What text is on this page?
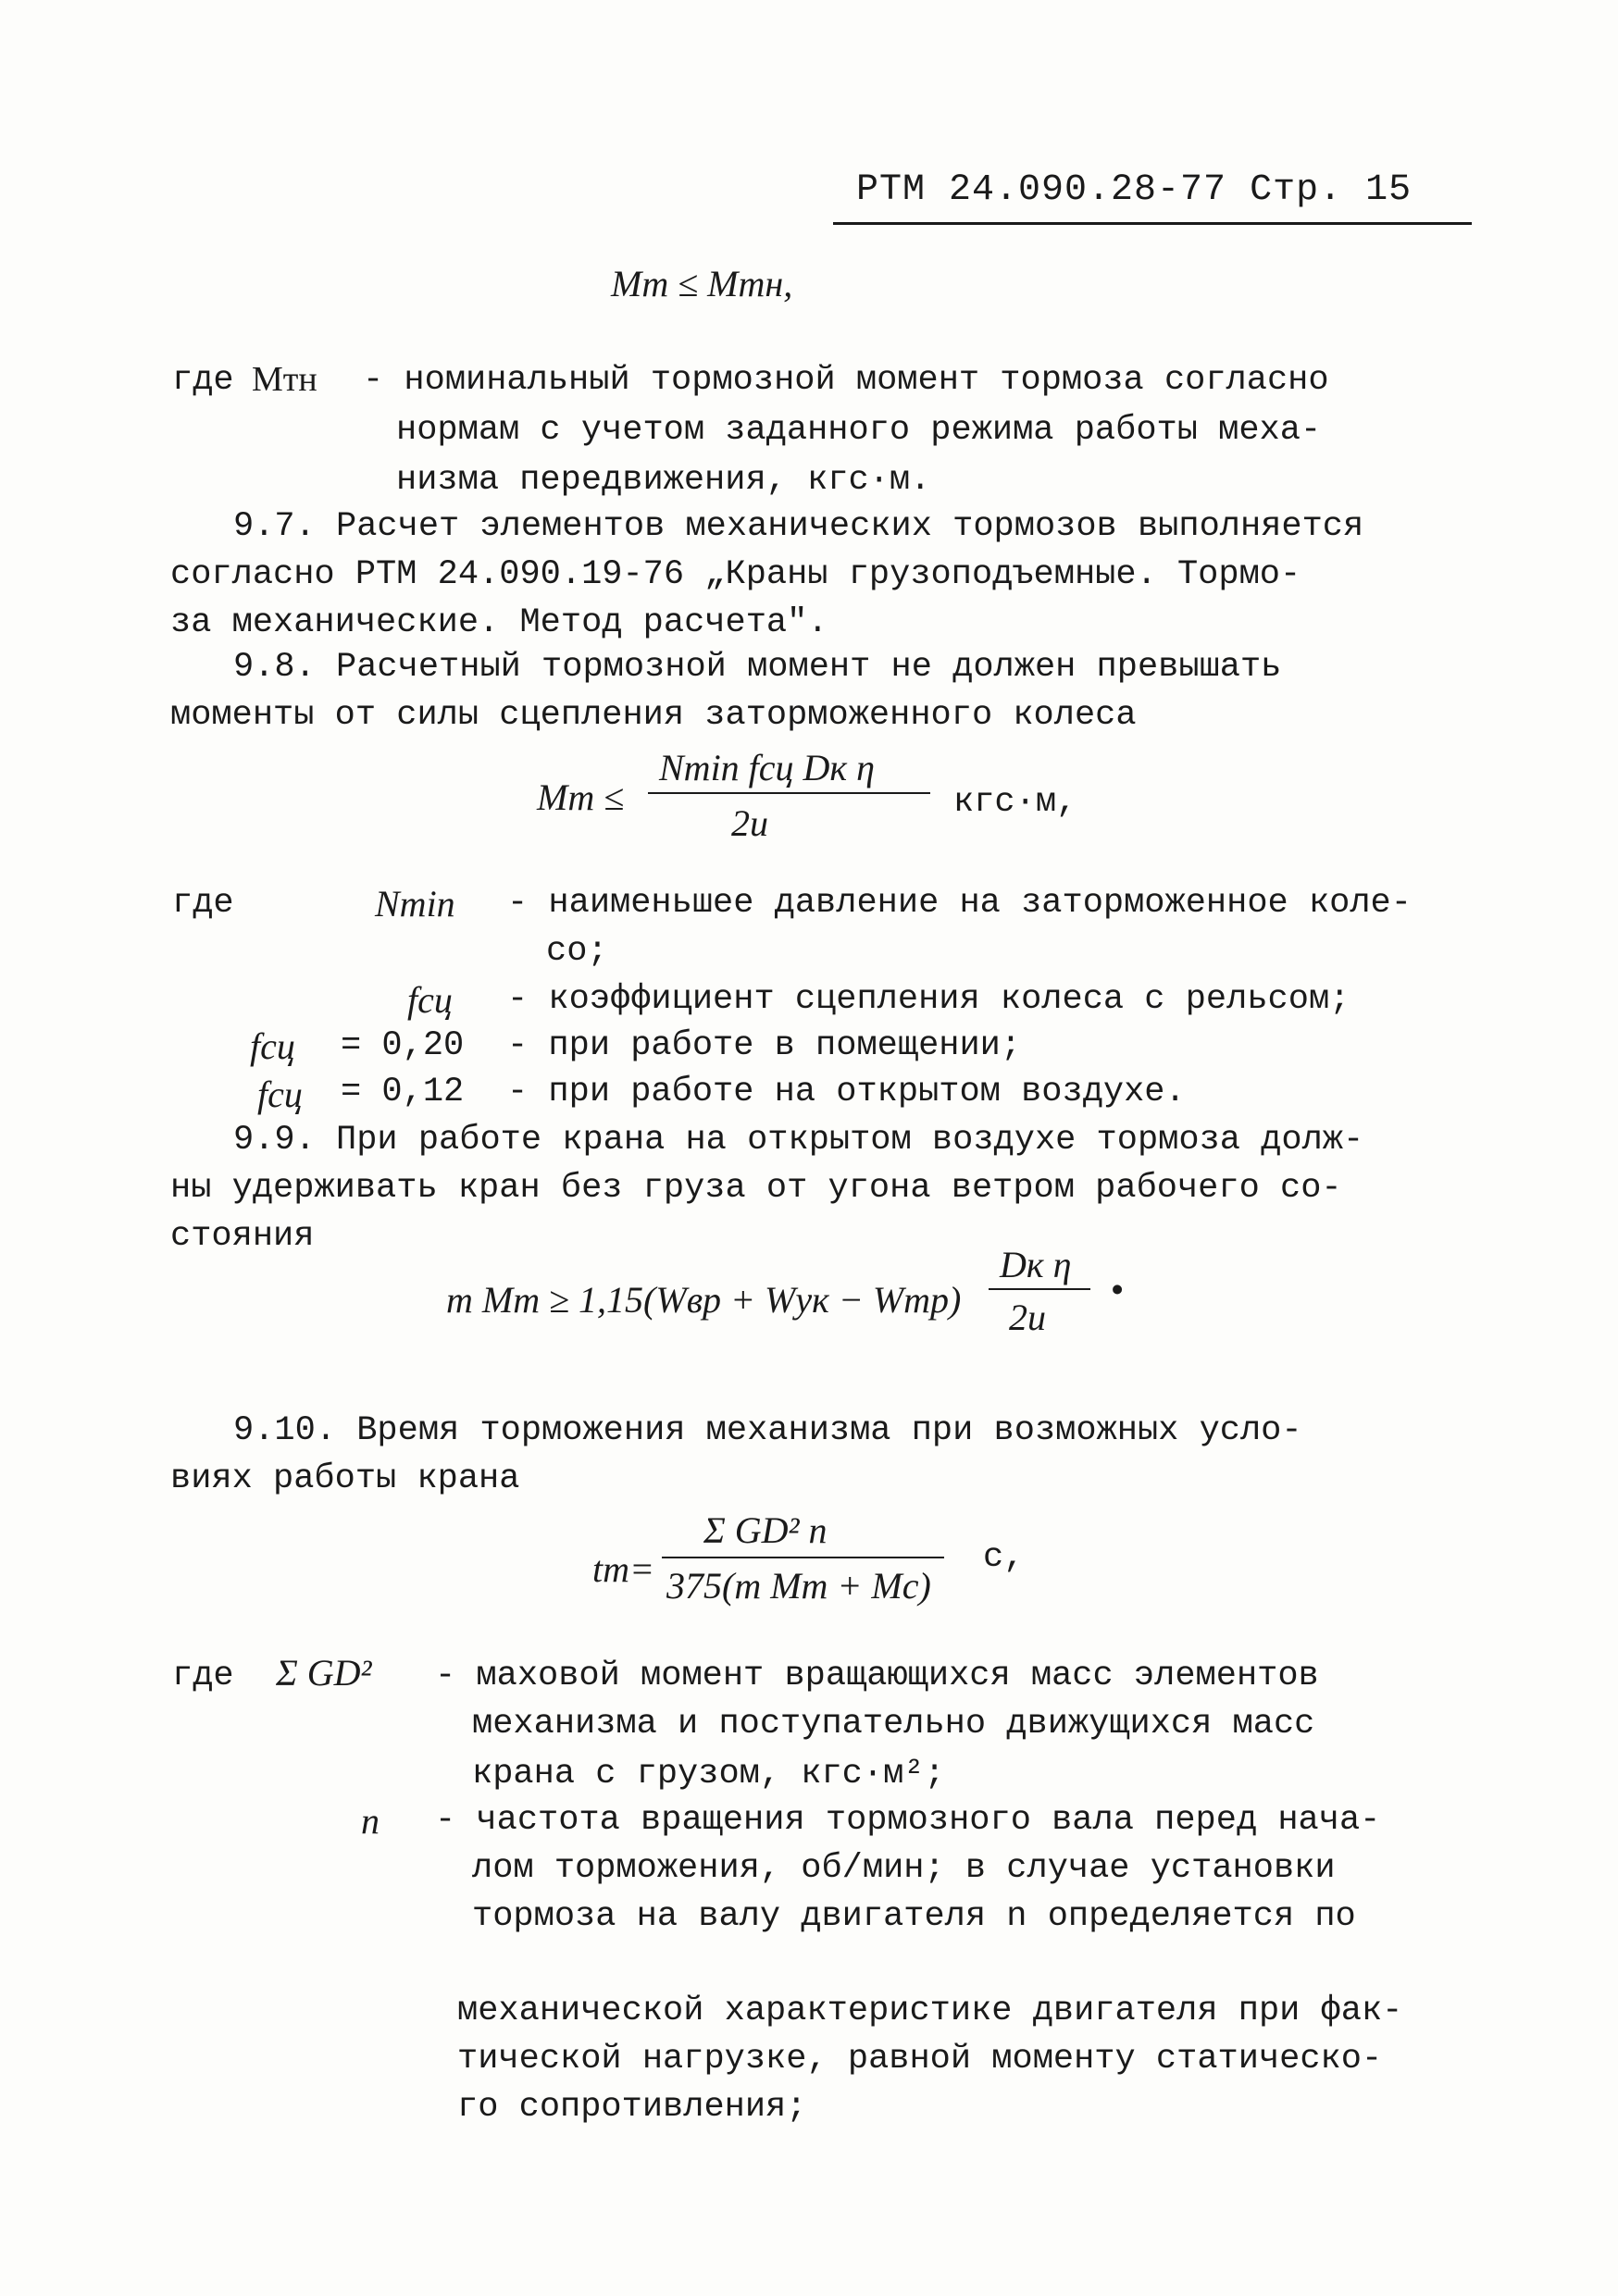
РТМ 24.090.28-77 Стр. 15
Мт ≤ Мтн,
где Мтн - номинальный тормозной момент тормоза согласно
нормам с учетом заданного режима работы меха-
низма передвижения, кгс·м.
9.7. Расчет элементов механических тормозов выполняется
согласно РТМ 24.090.19-76 „Краны грузоподъемные. Тормо-
за механические. Метод расчета".
9.8. Расчетный тормозной момент не должен превышать
моменты от силы сцепления заторможенного колеса
Мт ≤
Nmin fсц Dк η
2u	кгс·м,
где	Nmin - наименьшее давление на заторможенное коле-
со;
fсц - коэффициент сцепления колеса с рельсом;
fсц = 0,20 - при работе в помещении;
fсц = 0,12 - при работе на открытом воздухе.
9.9. При работе крана на открытом воздухе тормоза долж-
ны удерживать кран без груза от угона ветром рабочего со-
стояния
m Mт ≥ 1,15(Wвр + Wук − Wтр)
Dк η
2u
•
9.10. Время торможения механизма при возможных усло-
виях работы крана
tт=
Σ GD² n
375(m Mт + Mс)
с,
где Σ GD² - маховой момент вращающихся масс элементов
механизма и поступательно движущихся масс
крана с грузом, кгс·м²;
n - частота вращения тормозного вала перед нача-
лом торможения, об/мин; в случае установки
тормоза на валу двигателя n определяется по
механической характеристике двигателя при фак-
тической нагрузке, равной моменту статическо-
го сопротивления;
